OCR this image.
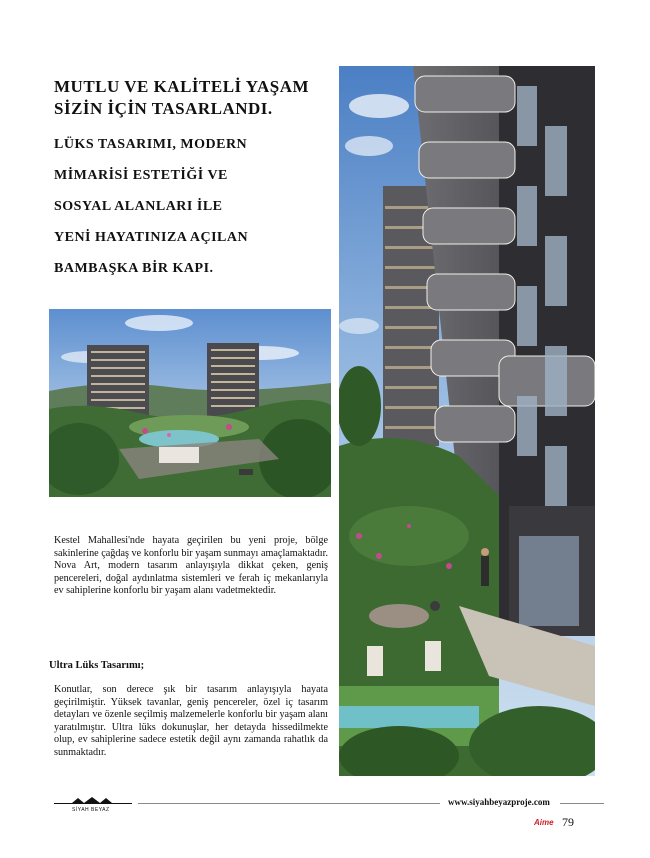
MUTLU VE KALİTELİ YAŞAM
SİZİN İÇİN TASARLANDI.
LÜKS TASARIMI, MODERN
MİMARİSİ ESTETİĞİ VE
SOSYAL ALANLARI İLE
YENİ HAYATINIZA AÇILAN
BAMBAŞKA BİR KAPI.
Kestel Mahallesi'nde hayata geçirilen bu yeni proje, bölge sakinlerine çağdaş ve konforlu bir yaşam sunmayı amaçlamaktadır. Nova Art, modern tasarım anlayışıyla dikkat çeken, geniş pencereleri, doğal aydınlatma sistemleri ve ferah iç mekanlarıyla ev sahiplerine konforlu bir yaşam alanı vadetmektedir.
Ultra Lüks Tasarımı;
Konutlar, son derece şık bir tasarım anlayışıyla hayata geçirilmiştir. Yüksek tavanlar, geniş pencereler, özel iç tasarım detayları ve özenle seçilmiş malzemelerle konforlu bir yaşam alanı yaratılmıştır. Ultra lüks dokunuşlar, her detayda hissedilmekte olup, ev sahiplerine sadece estetik değil aynı zamanda rahatlık da sunmaktadır.
SİYAH BEYAZ
www.siyahbeyazproje.com
Aime 79
